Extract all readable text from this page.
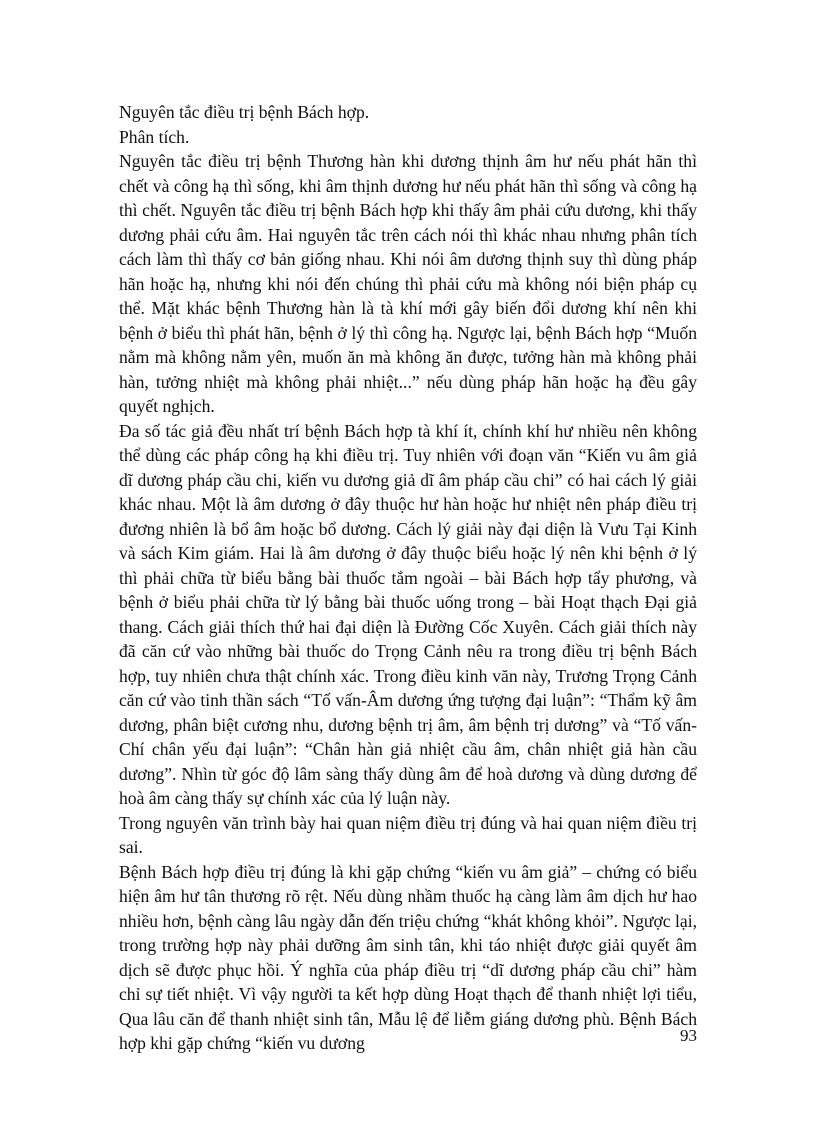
Nguyên tắc điều trị bệnh Bách hợp.

Phân tích.

Nguyên tắc điều trị bệnh Thương hàn khi dương thịnh âm hư nếu phát hãn thì chết và công hạ thì sống, khi âm thịnh dương hư nếu phát hãn thì sống và công hạ thì chết. Nguyên tắc điều trị bệnh Bách hợp khi thấy âm phải cứu dương, khi thấy dương phải cứu âm. Hai nguyên tắc trên cách nói thì khác nhau nhưng phân tích cách làm thì thấy cơ bản giống nhau. Khi nói âm dương thịnh suy thì dùng pháp hãn hoặc hạ, nhưng khi nói đến chúng thì phải cứu mà không nói biện pháp cụ thể. Mặt khác bệnh Thương hàn là tà khí mới gây biến đổi dương khí nên khi bệnh ở biểu thì phát hãn, bệnh ở lý thì công hạ. Ngược lại, bệnh Bách hợp “Muốn nằm mà không nằm yên, muốn ăn mà không ăn được, tưởng hàn mà không phải hàn, tưởng nhiệt mà không phải nhiệt...” nếu dùng pháp hãn hoặc hạ đều gây quyết nghịch.

Đa số tác giả đều nhất trí bệnh Bách hợp tà khí ít, chính khí hư nhiều nên không thể dùng các pháp công hạ khi điều trị. Tuy nhiên với đoạn văn “Kiến vu âm giả dĩ dương pháp cầu chi, kiến vu dương giả dĩ âm pháp cầu chi” có hai cách lý giải khác nhau. Một là âm dương ở đây thuộc hư hàn hoặc hư nhiệt nên pháp điều trị đương nhiên là bổ âm hoặc bổ dương. Cách lý giải này đại diện là Vưu Tại Kinh và sách Kim giám. Hai là âm dương ở đây thuộc biểu hoặc lý nên khi bệnh ở lý thì phải chữa từ biểu bằng bài thuốc tắm ngoài – bài Bách hợp tẩy phương, và bệnh ở biểu phải chữa từ lý bằng bài thuốc uống trong – bài Hoạt thạch Đại giả thang. Cách giải thích thứ hai đại diện là Đường Cốc Xuyên. Cách giải thích này đã căn cứ vào những bài thuốc do Trọng Cảnh nêu ra trong điều trị bệnh Bách hợp, tuy nhiên chưa thật chính xác. Trong điều kinh văn này, Trương Trọng Cảnh căn cứ vào tinh thần sách “Tố vấn-Âm dương ứng tượng đại luận”: “Thẩm kỹ âm dương, phân biệt cương nhu, dương bệnh trị âm, âm bệnh trị dương” và “Tố vấn-Chí chân yếu đại luận”: “Chân hàn giả nhiệt cầu âm, chân nhiệt giả hàn cầu dương”. Nhìn từ góc độ lâm sàng thấy dùng âm để hoà dương và dùng dương để hoà âm càng thấy sự chính xác của lý luận này.

Trong nguyên văn trình bày hai quan niệm điều trị đúng và hai quan niệm điều trị sai.

Bệnh Bách hợp điều trị đúng là khi gặp chứng “kiến vu âm giả” – chứng có biểu hiện âm hư tân thương rõ rệt. Nếu dùng nhầm thuốc hạ càng làm âm dịch hư hao nhiều hơn, bệnh càng lâu ngày dẫn đến triệu chứng “khát không khỏi”. Ngược lại, trong trường hợp này phải dưỡng âm sinh tân, khi táo nhiệt được giải quyết âm dịch sẽ được phục hồi. Ý nghĩa của pháp điều trị “dĩ dương pháp cầu chi” hàm chỉ sự tiết nhiệt. Vì vậy người ta kết hợp dùng Hoạt thạch để thanh nhiệt lợi tiểu, Qua lâu căn để thanh nhiệt sinh tân, Mẫu lệ để liễm giáng dương phù. Bệnh Bách hợp khi gặp chứng “kiến vu dương	93
